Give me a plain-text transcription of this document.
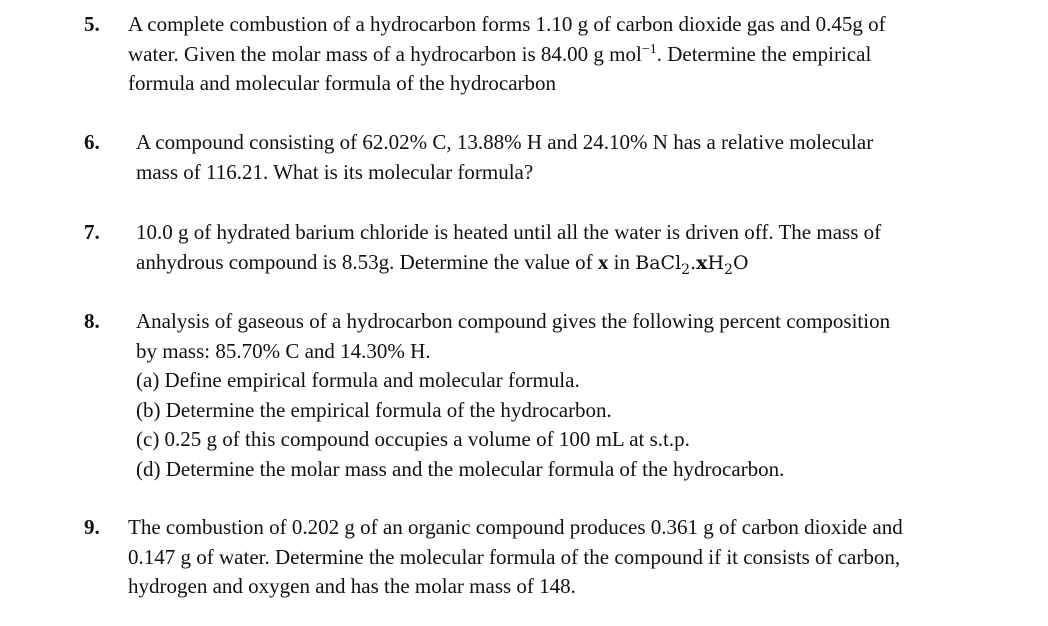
5. A complete combustion of a hydrocarbon forms 1.10 g of carbon dioxide gas and 0.45g of
water. Given the molar mass of a hydrocarbon is 84.00 g mol$^{-1}$. Determine the empirical
formula and molecular formula of the hydrocarbon
6. A compound consisting of 62.02% C, 13.88% H and 24.10% N has a relative molecular
mass of 116.21. What is its molecular formula?
7. 10.0 g of hydrated barium chloride is heated until all the water is driven off. The mass of
anhydrous compound is 8.53g. Determine the value of x in $BaCl_2.xH_2O$
8. Analysis of gaseous of a hydrocarbon compound gives the following percent composition
by mass: 85.70% C and 14.30% H.
(a) Define empirical formula and molecular formula.
(b) Determine the empirical formula of the hydrocarbon.
(c) 0.25 g of this compound occupies a volume of 100 mL at s.t.p.
(d) Determine the molar mass and the molecular formula of the hydrocarbon.
9. The combustion of 0.202 g of an organic compound produces 0.361 g of carbon dioxide and
0.147 g of water. Determine the molecular formula of the compound if it consists of carbon,
hydrogen and oxygen and has the molar mass of 148.
